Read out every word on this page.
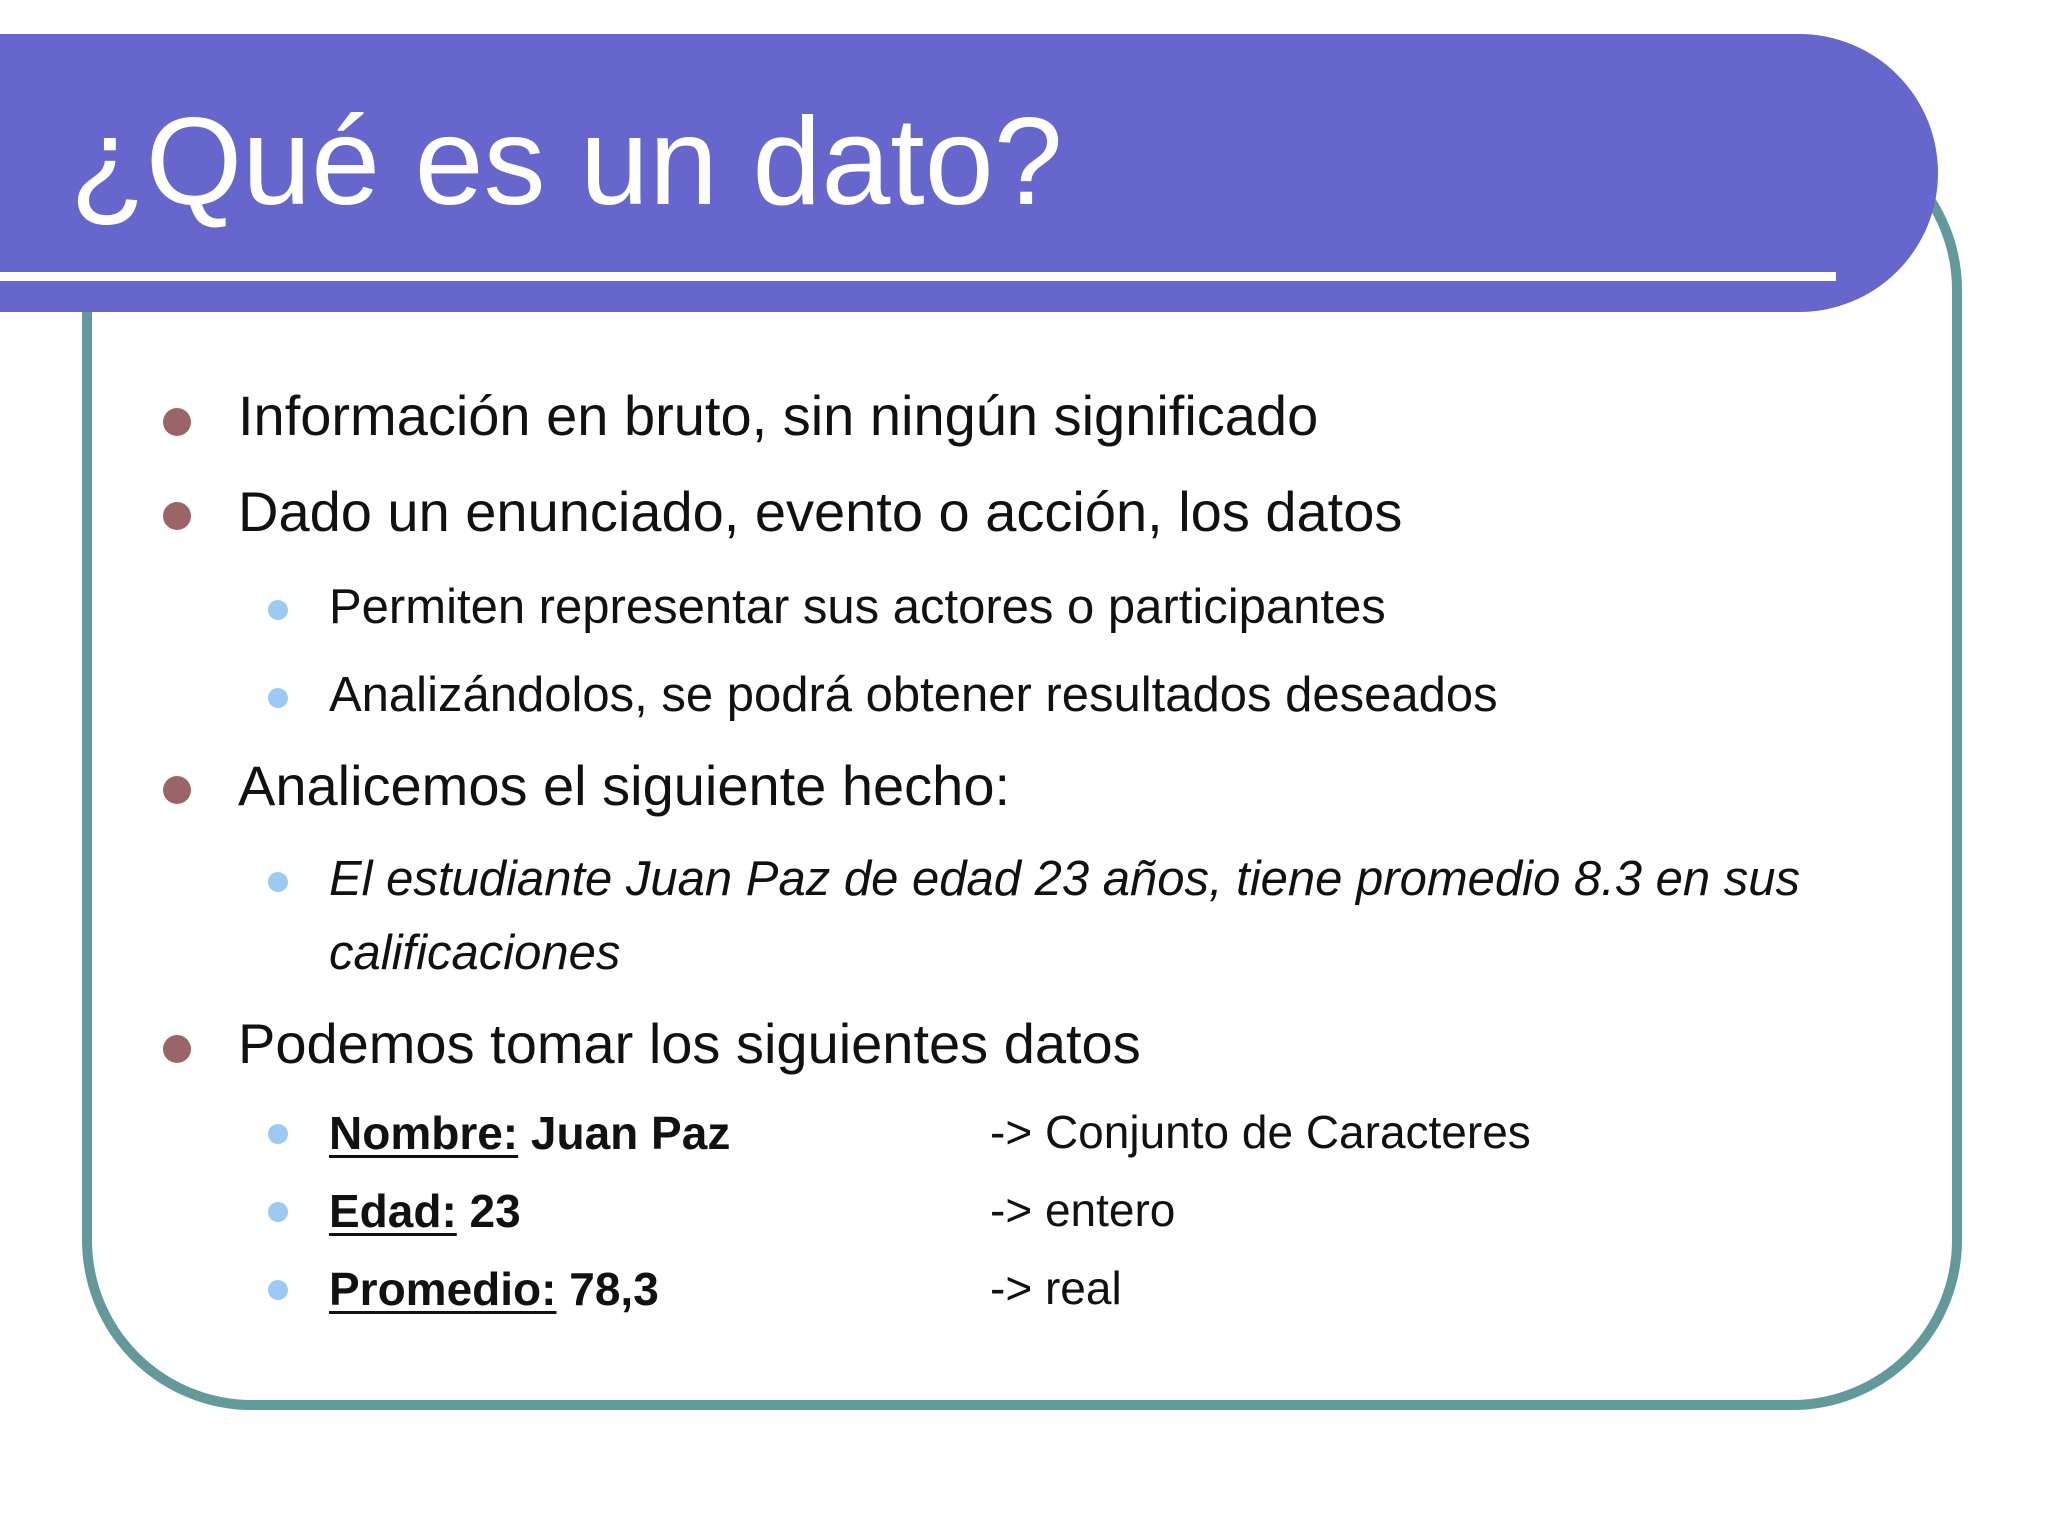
¿Qué es un dato?
Información en bruto, sin ningún significado
Dado un enunciado, evento o acción, los datos
Permiten representar sus actores o participantes
Analizándolos, se podrá obtener resultados deseados
Analicemos el siguiente hecho:
El estudiante Juan Paz de edad 23 años, tiene promedio 8.3 en sus
calificaciones
Podemos tomar los siguientes datos
Nombre: Juan Paz	-> Conjunto de Caracteres
Edad: 23	-> entero
Promedio: 78,3	-> real
